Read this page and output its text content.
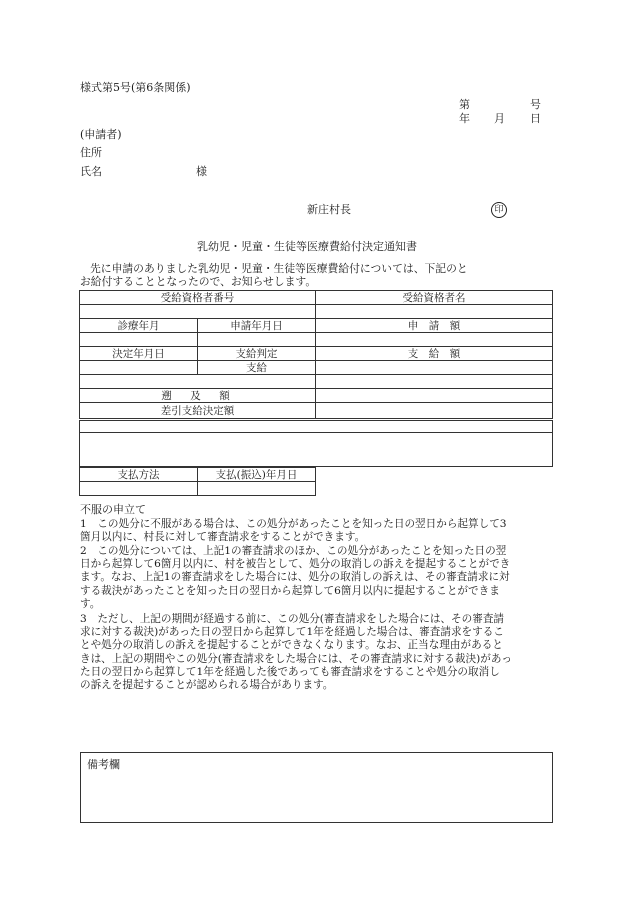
様式第5号(第6条関係)
第	号
年 月 日
(申請者)
住所
氏名	様
新庄村長	印
乳幼児・児童・生徒等医療費給付決定通知書
先に申請のありました乳幼児・児童・生徒等医療費給付については、下記のと
お給付することとなったので、お知らせします。
受給資格者番号		受給資格者名

診療年月	申請年月日	申　請　額

決定年月日	支給判定	支　給　額
	支給	

遡　及　額		
差引支給決定額	

支払方法	支払(振込)年月日

不服の申立て
1　この処分に不服がある場合は、この処分があったことを知った日の翌日から起算して3
箇月以内に、村長に対して審査請求をすることができます。
2　この処分については、上記1の審査請求のほか、この処分があったことを知った日の翌
日から起算して6箇月以内に、村を被告として、処分の取消しの訴えを提起することができ
ます。なお、上記1の審査請求をした場合には、処分の取消しの訴えは、その審査請求に対
する裁決があったことを知った日の翌日から起算して6箇月以内に提起することができま
す。
3　ただし、上記の期間が経過する前に、この処分(審査請求をした場合には、その審査請
求に対する裁決)があった日の翌日から起算して1年を経過した場合は、審査請求をするこ
とや処分の取消しの訴えを提起することができなくなります。なお、正当な理由があると
きは、上記の期間やこの処分(審査請求をした場合には、その審査請求に対する裁決)があっ
た日の翌日から起算して1年を経過した後であっても審査請求をすることや処分の取消し
の訴えを提起することが認められる場合があります。
備考欄
